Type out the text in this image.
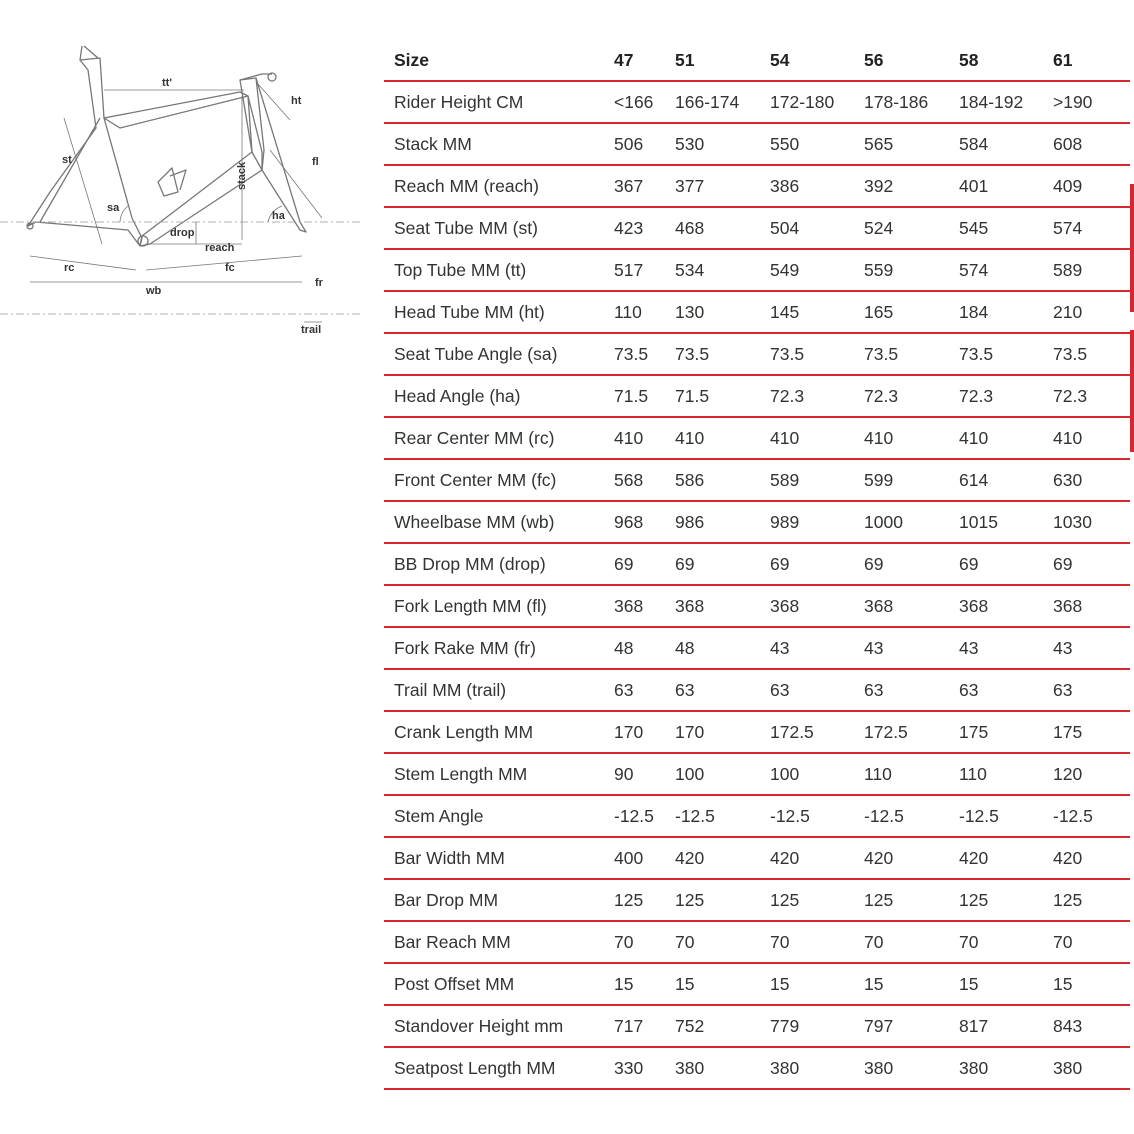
tt'
ht
st
stack	fl
sa
ha
drop
reach
rc	fc
wb
fr
trail
Size	47	51	54	56	58	61
Rider Height CM	<166	166-174	172-180	178-186	184-192	>190
Stack MM	506	530	550	565	584	608
Reach MM (reach)	367	377	386	392	401	409
Seat Tube MM (st)	423	468	504	524	545	574
Top Tube MM (tt)	517	534	549	559	574	589
Head Tube MM (ht)	110	130	145	165	184	210
Seat Tube Angle (sa)	73.5	73.5	73.5	73.5	73.5	73.5
Head Angle (ha)	71.5	71.5	72.3	72.3	72.3	72.3
Rear Center MM (rc)	410	410	410	410	410	410
Front Center MM (fc)	568	586	589	599	614	630
Wheelbase MM (wb)	968	986	989	1000	1015	1030
BB Drop MM (drop)	69	69	69	69	69	69
Fork Length MM (fl)	368	368	368	368	368	368
Fork Rake MM (fr)	48	48	43	43	43	43
Trail MM (trail)	63	63	63	63	63	63
Crank Length MM	170	170	172.5	172.5	175	175
Stem Length MM	90	100	100	110	110	120
Stem Angle	-12.5	-12.5	-12.5	-12.5	-12.5	-12.5
Bar Width MM	400	420	420	420	420	420
Bar Drop MM	125	125	125	125	125	125
Bar Reach MM	70	70	70	70	70	70
Post Offset MM	15	15	15	15	15	15
Standover Height mm	717	752	779	797	817	843
Seatpost Length MM	330	380	380	380	380	380
